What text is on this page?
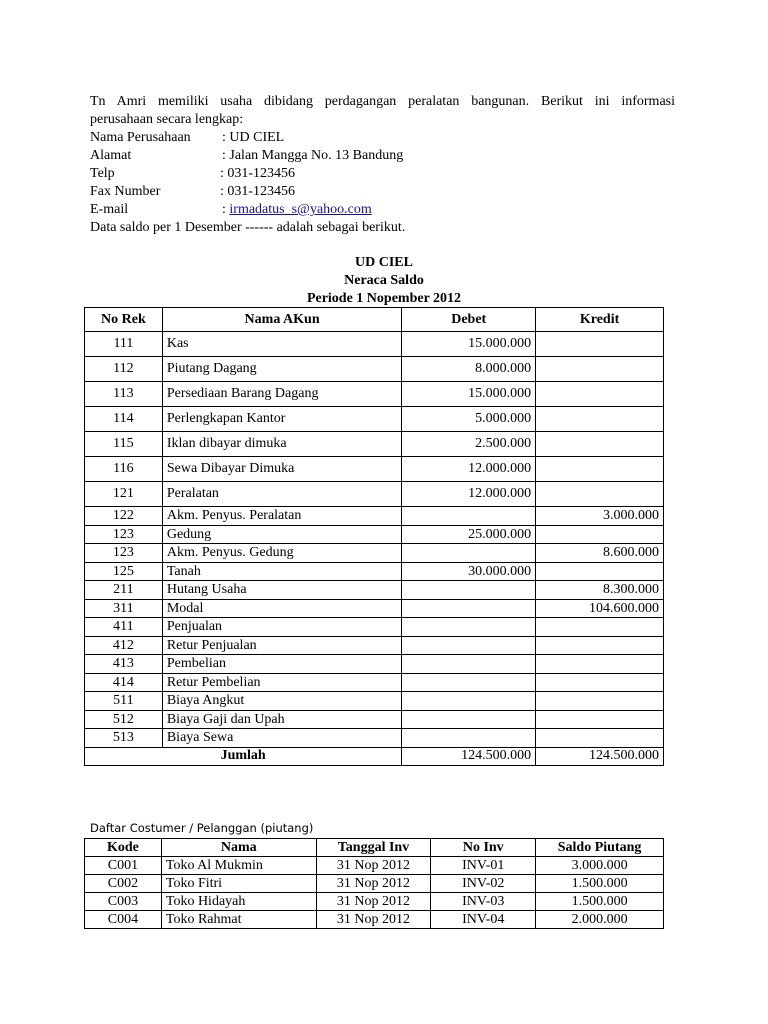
Tn Amri memiliki usaha dibidang perdagangan peralatan bangunan. Berikut ini informasi

perusahaan secara lengkap:
Nama Perusahaan	: UD CIEL
Alamat	: Jalan Mangga No. 13 Bandung
Telp	: 031-123456
Fax Number	: 031-123456
E-mail	: irmadatus_s@yahoo.com
Data saldo per 1 Desember ------ adalah sebagai berikut.
UD CIEL
Neraca Saldo
Periode 1 Nopember 2012
No Rek	Nama AKun	Debet	Kredit
111	Kas	15.000.000	
112	Piutang Dagang	8.000.000	
113	Persediaan Barang Dagang	15.000.000	
114	Perlengkapan Kantor	5.000.000	
115	Iklan dibayar dimuka	2.500.000	
116	Sewa Dibayar Dimuka	12.000.000	
121	Peralatan	12.000.000	
122	Akm. Penyus. Peralatan		3.000.000
123	Gedung	25.000.000	
123	Akm. Penyus. Gedung		8.600.000
125	Tanah	30.000.000	
211	Hutang Usaha		8.300.000
311	Modal		104.600.000
411	Penjualan		
412	Retur Penjualan		
413	Pembelian		
414	Retur Pembelian		
511	Biaya Angkut		
512	Biaya Gaji dan Upah		
513	Biaya Sewa		
Jumlah		124.500.000	124.500.000
Daftar Costumer / Pelanggan (piutang)
Kode	Nama	Tanggal Inv	No Inv	Saldo Piutang
C001	Toko Al Mukmin	31 Nop 2012	INV-01	3.000.000
C002	Toko Fitri	31 Nop 2012	INV-02	1.500.000
C003	Toko Hidayah	31 Nop 2012	INV-03	1.500.000
C004	Toko Rahmat	31 Nop 2012	INV-04	2.000.000
